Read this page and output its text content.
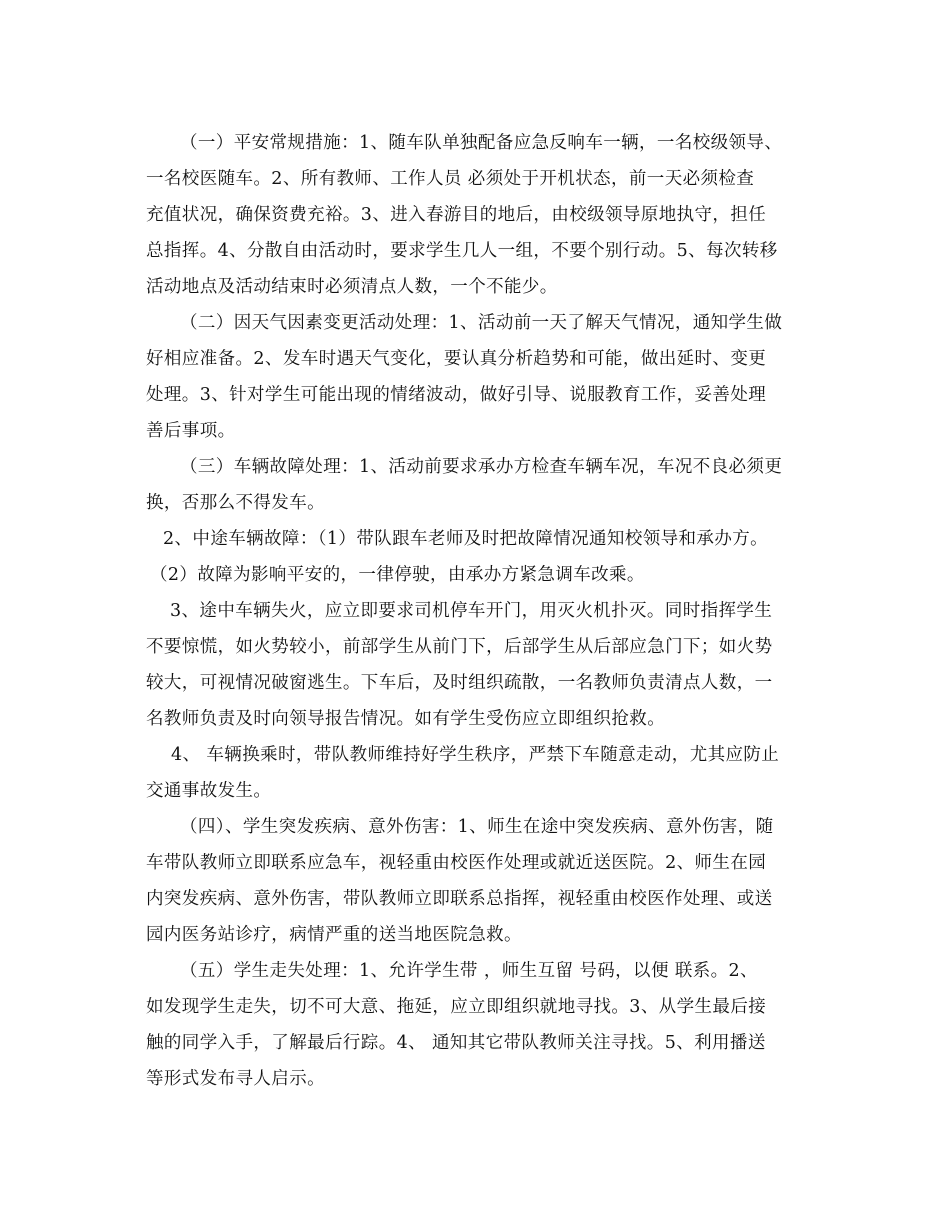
（一）平安常规措施：1、随车队单独配备应急反响车一辆，一名校级领导、
一名校医随车。2、所有教师、工作人员 必须处于开机状态，前一天必须检查
充值状况，确保资费充裕。3、进入春游目的地后，由校级领导原地执守，担任
总指挥。4、分散自由活动时，要求学生几人一组，不要个别行动。5、每次转移
活动地点及活动结束时必须清点人数，一个不能少。
（二）因天气因素变更活动处理：1、活动前一天了解天气情况，通知学生做
好相应准备。2、发车时遇天气变化，要认真分析趋势和可能，做出延时、变更
处理。3、针对学生可能出现的情绪波动，做好引导、说服教育工作，妥善处理
善后事项。
（三）车辆故障处理：1、活动前要求承办方检查车辆车况，车况不良必须更
换，否那么不得发车。
2、中途车辆故障：（1）带队跟车老师及时把故障情况通知校领导和承办方。
（2）故障为影响平安的，一律停驶，由承办方紧急调车改乘。
3、途中车辆失火，应立即要求司机停车开门，用灭火机扑灭。同时指挥学生
不要惊慌，如火势较小，前部学生从前门下，后部学生从后部应急门下；如火势
较大，可视情况破窗逃生。下车后，及时组织疏散，一名教师负责清点人数，一
名教师负责及时向领导报告情况。如有学生受伤应立即组织抢救。
4、 车辆换乘时，带队教师维持好学生秩序，严禁下车随意走动，尤其应防止
交通事故发生。
（四）、学生突发疾病、意外伤害：1、师生在途中突发疾病、意外伤害，随
车带队教师立即联系应急车，视轻重由校医作处理或就近送医院。2、师生在园
内突发疾病、意外伤害，带队教师立即联系总指挥，视轻重由校医作处理、或送
园内医务站诊疗，病情严重的送当地医院急救。
（五）学生走失处理：1、允许学生带 ，师生互留 号码，以便 联系。2、
如发现学生走失，切不可大意、拖延，应立即组织就地寻找。3、从学生最后接
触的同学入手，了解最后行踪。4、 通知其它带队教师关注寻找。5、利用播送
等形式发布寻人启示。
